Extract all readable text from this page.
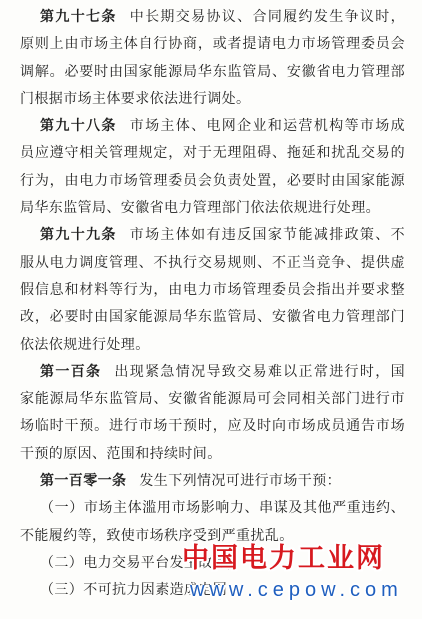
第九十七条 中长期交易协议、合同履约发生争议时，
原则上由市场主体自行协商，或者提请电力市场管理委员会
调解。必要时由国家能源局华东监管局、安徽省电力管理部
门根据市场主体要求依法进行调处。
第九十八条 市场主体、电网企业和运营机构等市场成
员应遵守相关管理规定，对于无理阻碍、拖延和扰乱交易的
行为，由电力市场管理委员会负责处置，必要时由国家能源
局华东监管局、安徽省电力管理部门依法依规进行处理。
第九十九条 市场主体如有违反国家节能减排政策、不
服从电力调度管理、不执行交易规则、不正当竞争、提供虚
假信息和材料等行为，由电力市场管理委员会指出并要求整
改，必要时由国家能源局华东监管局、安徽省电力管理部门
依法依规进行处理。
第一百条 出现紧急情况导致交易难以正常进行时，国
家能源局华东监管局、安徽省能源局可会同相关部门进行市
场临时干预。进行市场干预时，应及时向市场成员通告市场
干预的原因、范围和持续时间。
第一百零一条 发生下列情况可进行市场干预：
（一）市场主体滥用市场影响力、串谋及其他严重违约、
不能履约等，致使市场秩序受到严重扰乱。
（二）电力交易平台发生故障，
（三）不可抗力因素造成电网
中国电力工业网
www.cepow.com
